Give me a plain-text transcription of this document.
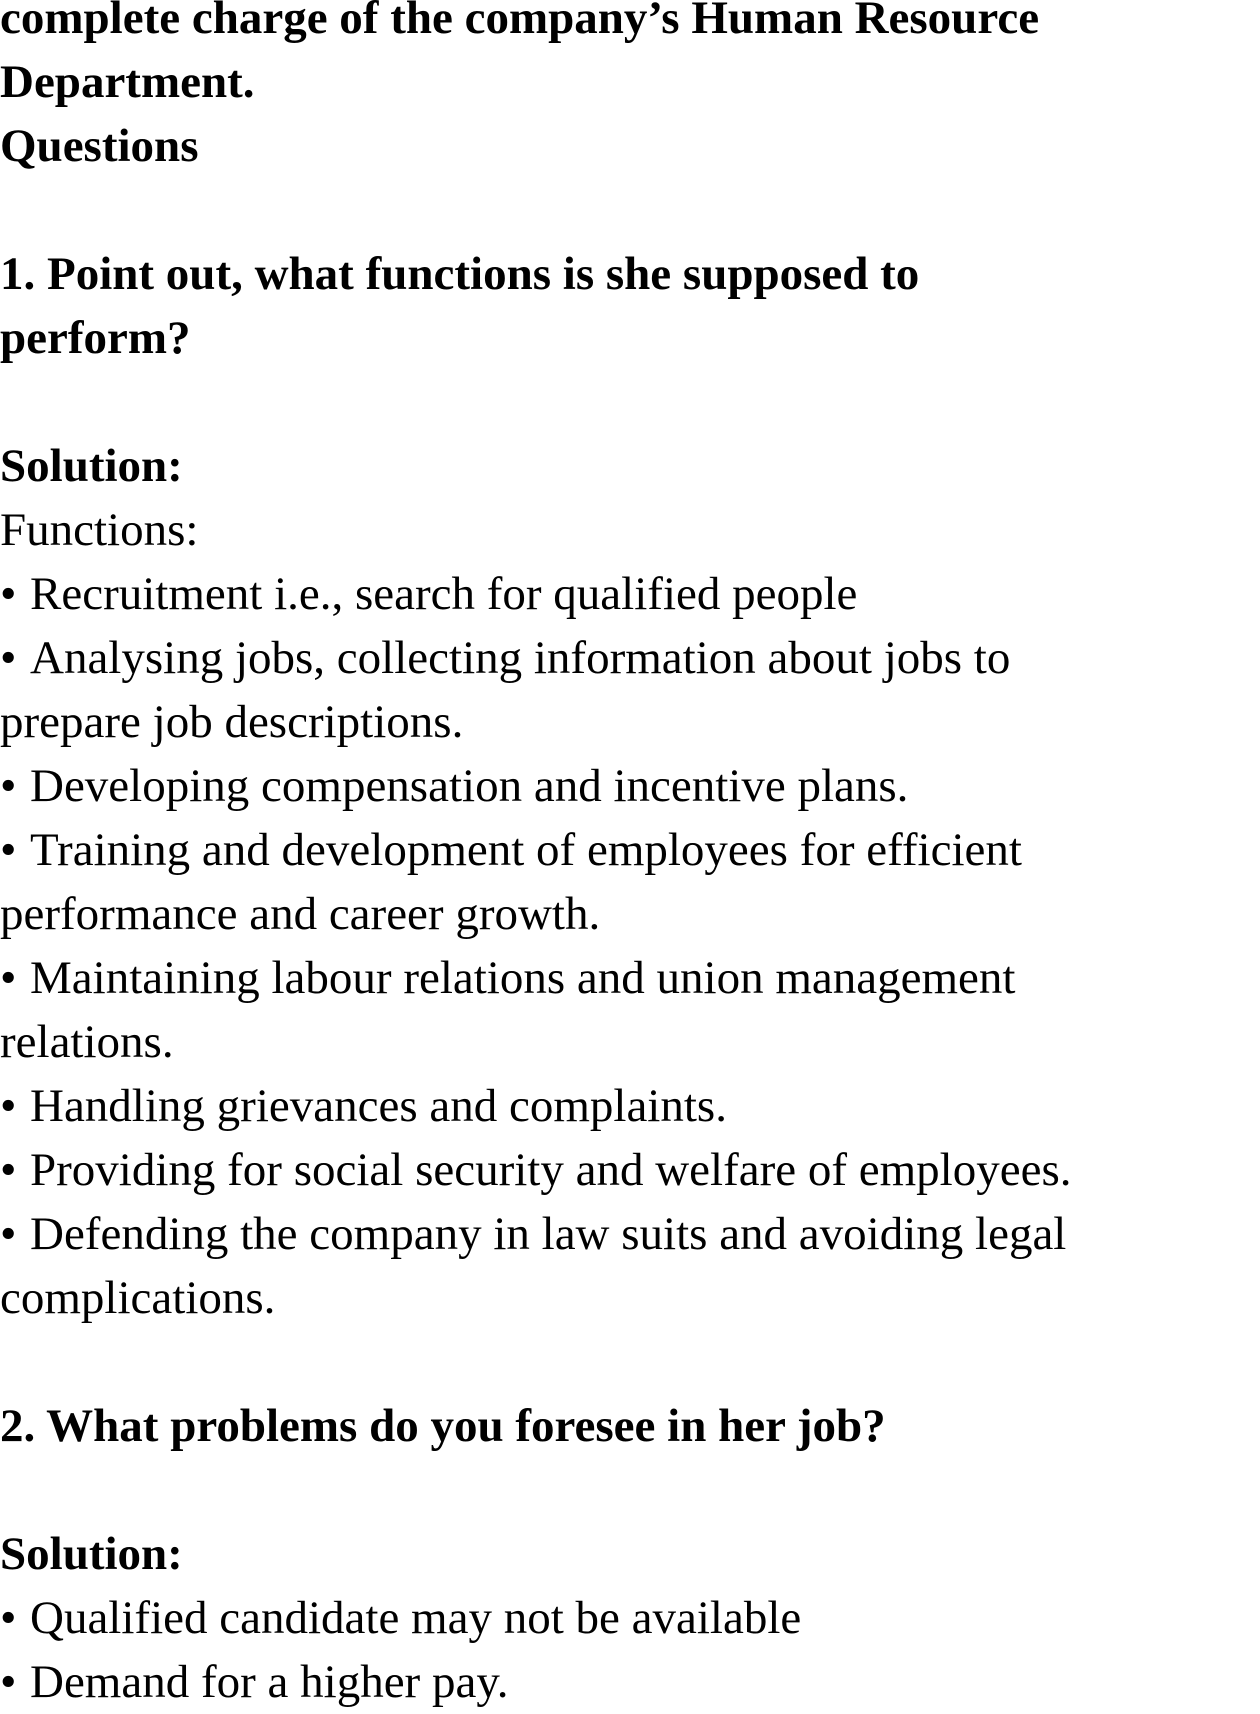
complete charge of the company’s Human Resource
Department.
Questions
1. Point out, what functions is she supposed to
perform?
Solution:
Functions:
• Recruitment i.e., search for qualified people
• Analysing jobs, collecting information about jobs to
prepare job descriptions.
• Developing compensation and incentive plans.
• Training and development of employees for efficient
performance and career growth.
• Maintaining labour relations and union management
relations.
• Handling grievances and complaints.
• Providing for social security and welfare of employees.
• Defending the company in law suits and avoiding legal
complications.
2. What problems do you foresee in her job?
Solution:
• Qualified candidate may not be available
• Demand for a higher pay.
